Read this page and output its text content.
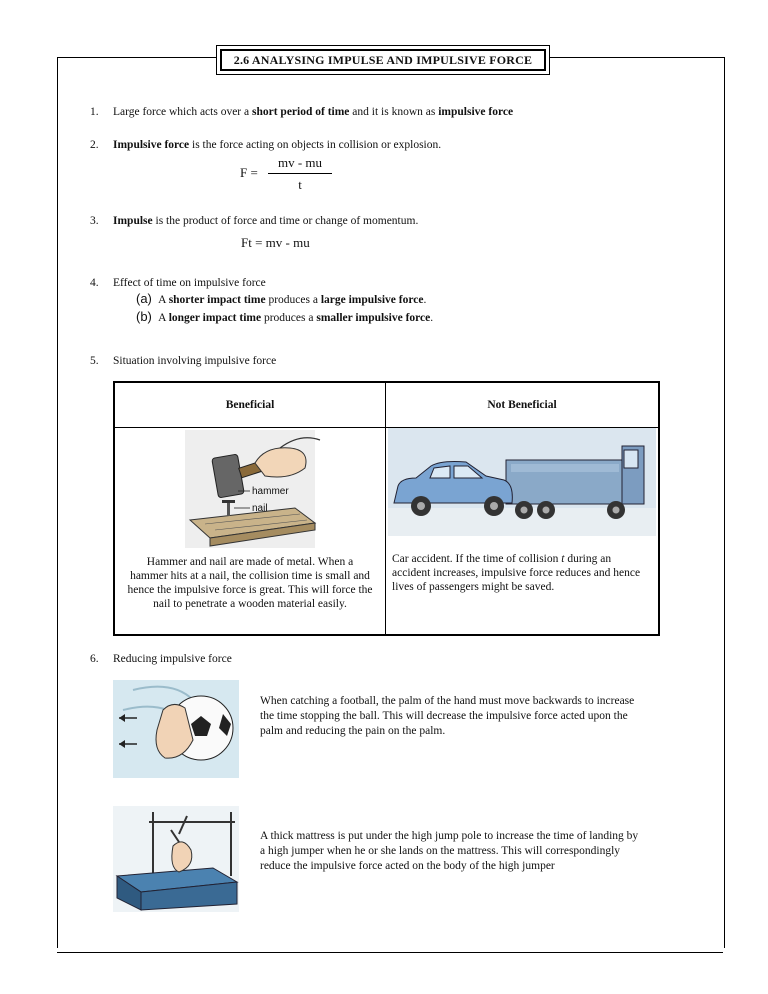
2.6 ANALYSING IMPULSE AND IMPULSIVE FORCE
1. Large force which acts over a short period of time and it is known as impulsive force
2. Impulsive force is the force acting on objects in collision or explosion.
$F = \frac{mv - mu}{t}$
3. Impulse is the product of force and time or change of momentum.
Ft = mv - mu
4. Effect of time on impulsive force
(a) A shorter impact time produces a large impulsive force.
(b) A longer impact time produces a smaller impulsive force.
5. Situation involving impulsive force
Beneficial	Not Beneficial

hammer
nail
Hammer and nail are made of metal. When a hammer hits at a nail, the collision time is small and hence the impulsive force is great. This will force the nail to penetrate a wooden material easily.	Car accident. If the time of collision t during an accident increases, impulsive force reduces and hence lives of passengers might be saved.
6. Reducing impulsive force
When catching a football, the palm of the hand must move backwards to increase the time stopping the ball. This will decrease the impulsive force acted upon the palm and reducing the pain on the palm.
A thick mattress is put under the high jump pole to increase the time of landing by a high jumper when he or she lands on the mattress. This will correspondingly reduce the impulsive force acted on the body of the high jumper
